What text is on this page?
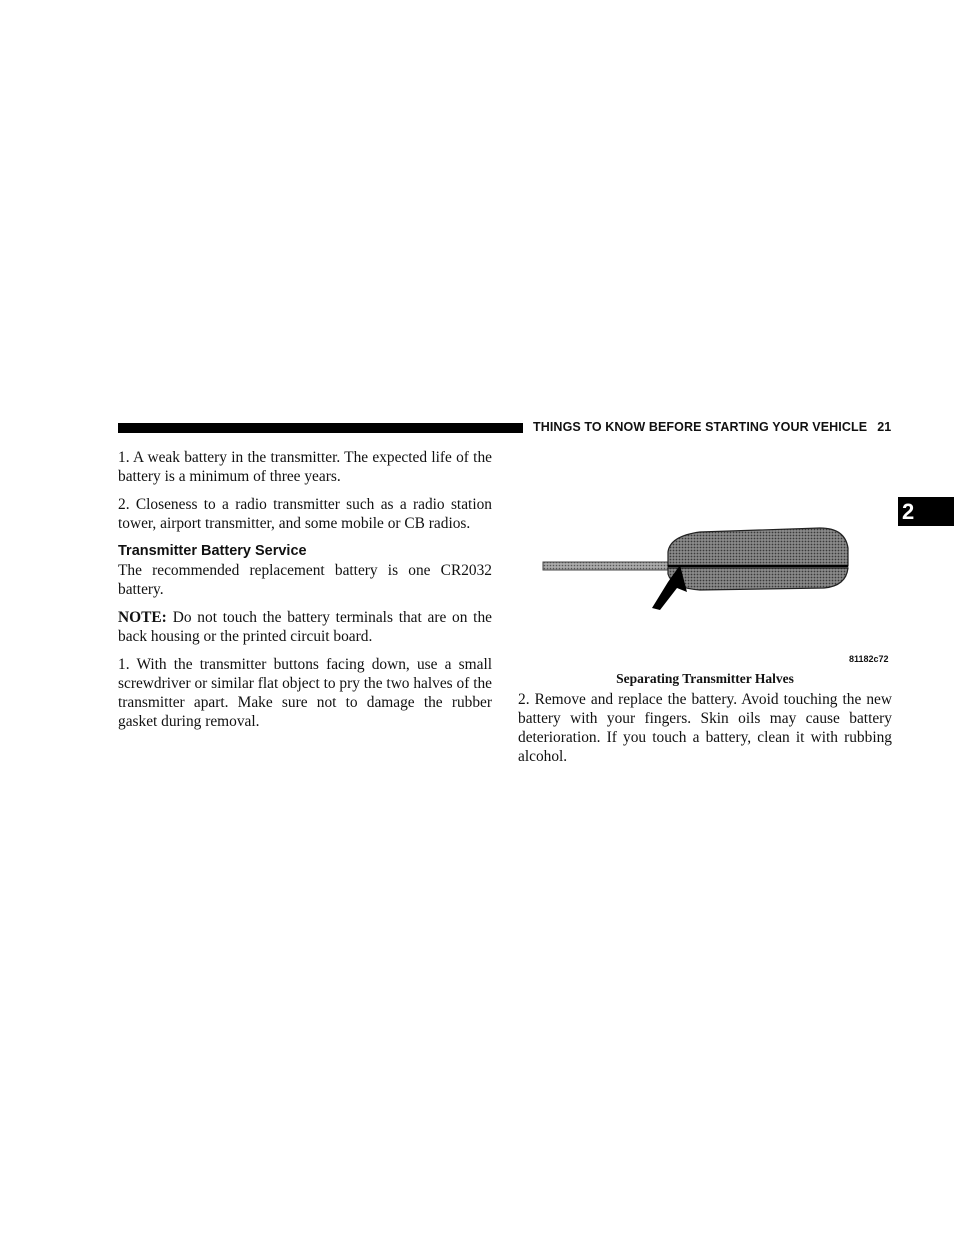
THINGS TO KNOW BEFORE STARTING YOUR VEHICLE 21
2

1. A weak battery in the transmitter. The expected life of the battery is a minimum of three years.

2. Closeness to a radio transmitter such as a radio station tower, airport transmitter, and some mobile or CB radios.

Transmitter Battery Service

The recommended replacement battery is one CR2032 battery.

NOTE: Do not touch the battery terminals that are on the back housing or the printed circuit board.

1. With the transmitter buttons facing down, use a small screwdriver or similar flat object to pry the two halves of the transmitter apart. Make sure not to damage the rubber gasket during removal.

81182c72
Separating Transmitter Halves

2. Remove and replace the battery. Avoid touching the new battery with your fingers. Skin oils may cause battery deterioration. If you touch a battery, clean it with rubbing alcohol.
